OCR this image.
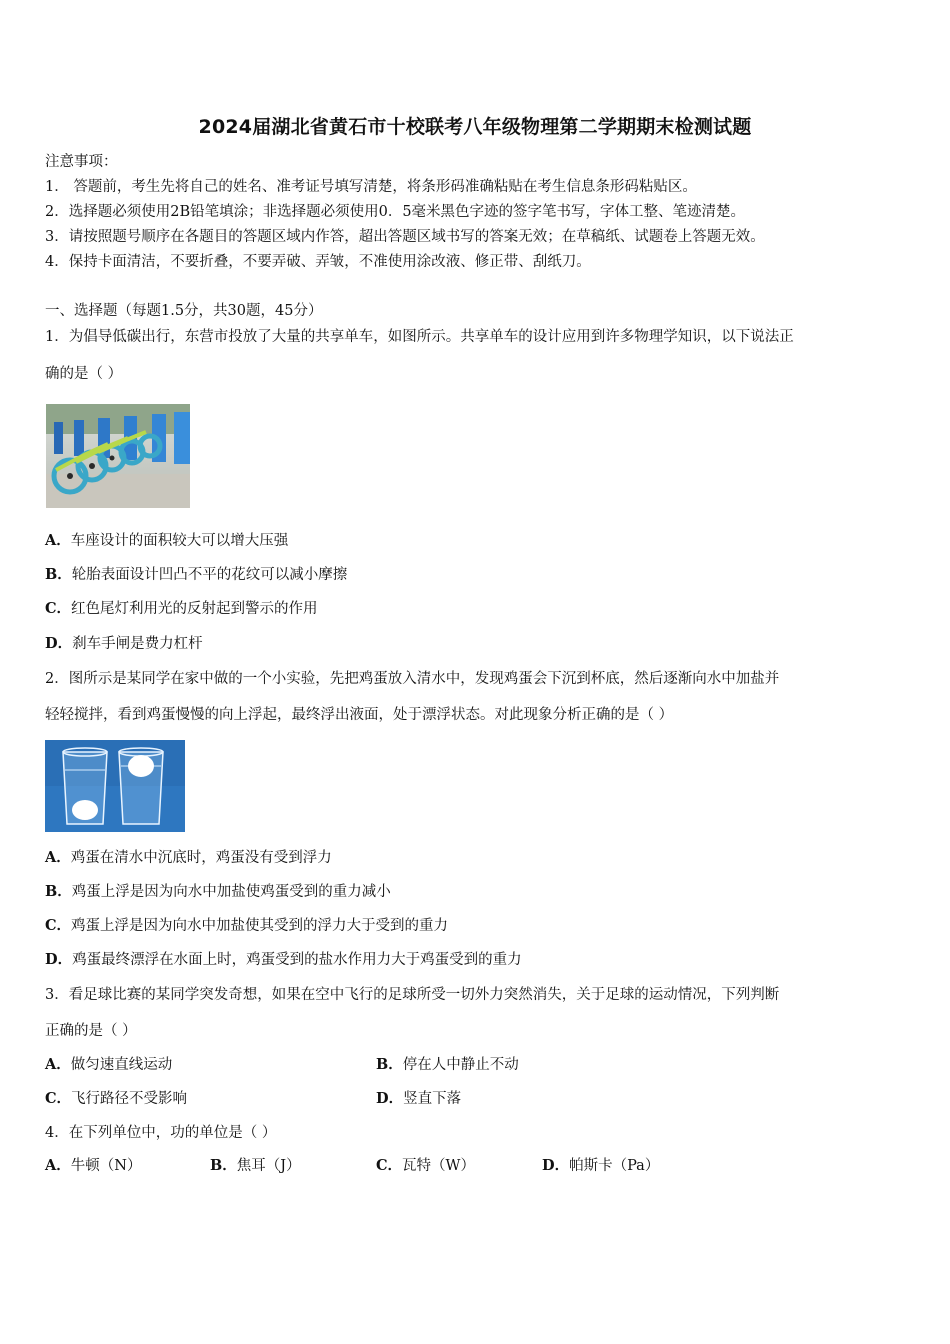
2024届湖北省黄石市十校联考八年级物理第二学期期末检测试题
注意事项：
1． 答题前，考生先将自己的姓名、准考证号填写清楚，将条形码准确粘贴在考生信息条形码粘贴区。
2．选择题必须使用2B铅笔填涂；非选择题必须使用0．5毫米黑色字迹的签字笔书写，字体工整、笔迹清楚。
3．请按照题号顺序在各题目的答题区域内作答，超出答题区域书写的答案无效；在草稿纸、试题卷上答题无效。
4．保持卡面清洁，不要折叠，不要弄破、弄皱，不准使用涂改液、修正带、刮纸刀。
一、选择题（每题1.5分，共30题，45分）
1．为倡导低碳出行，东营市投放了大量的共享单车，如图所示。共享单车的设计应用到许多物理学知识，以下说法正
确的是（ ）
A．车座设计的面积较大可以增大压强
B．轮胎表面设计凹凸不平的花纹可以减小摩擦
C．红色尾灯利用光的反射起到警示的作用
D．刹车手闸是费力杠杆
2．图所示是某同学在家中做的一个小实验，先把鸡蛋放入清水中，发现鸡蛋会下沉到杯底，然后逐渐向水中加盐并
轻轻搅拌，看到鸡蛋慢慢的向上浮起，最终浮出液面，处于漂浮状态。对此现象分析正确的是（ ）
A．鸡蛋在清水中沉底时，鸡蛋没有受到浮力
B．鸡蛋上浮是因为向水中加盐使鸡蛋受到的重力减小
C．鸡蛋上浮是因为向水中加盐使其受到的浮力大于受到的重力
D．鸡蛋最终漂浮在水面上时，鸡蛋受到的盐水作用力大于鸡蛋受到的重力
3．看足球比赛的某同学突发奇想，如果在空中飞行的足球所受一切外力突然消失，关于足球的运动情况，下列判断
正确的是（ ）
A．做匀速直线运动	B．停在人中静止不动
C．飞行路径不受影响	D．竖直下落
4．在下列单位中，功的单位是（ ）
A．牛顿（N）	B．焦耳（J）	C．瓦特（W）	D．帕斯卡（Pa）
